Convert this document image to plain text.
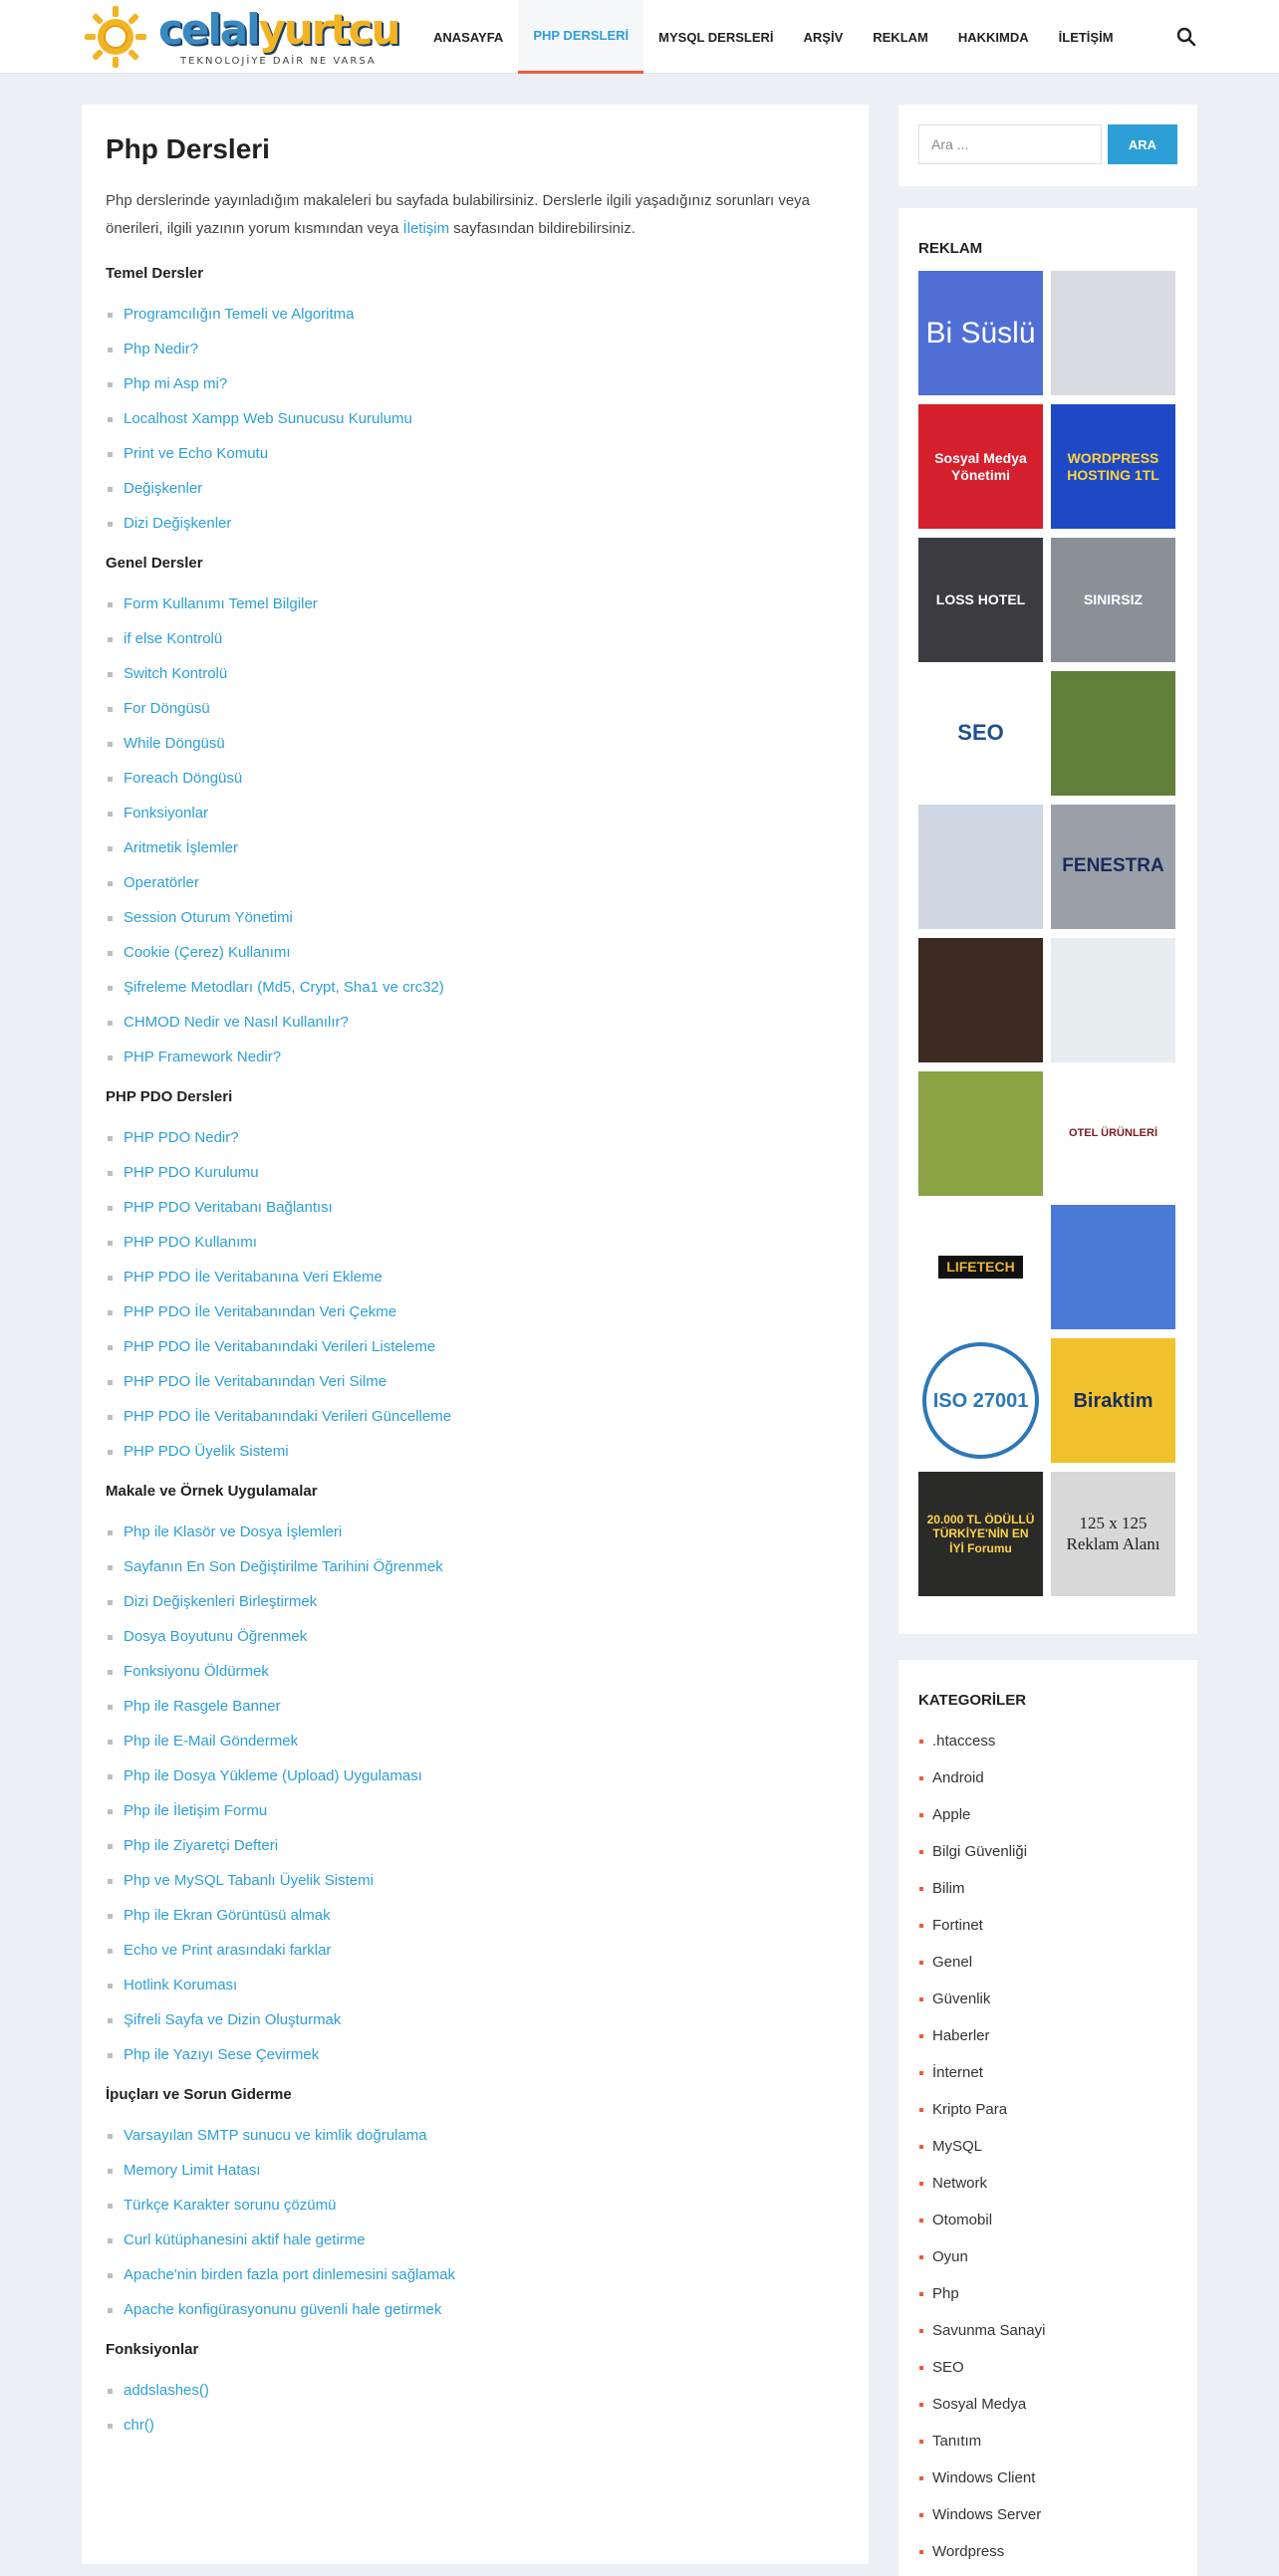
celalyurtcu
TEKNOLOJİYE DAİR NE VARSA
ANASAYFA	PHP DERSLERİ	MYSQL DERSLERİ	ARŞİV	REKLAM	HAKKIMDA	İLETİŞİM
Php Dersleri

Php derslerinde yayınladığım makaleleri bu sayfada bulabilirsiniz. Derslerle ilgili yaşadığınız sorunları veya önerileri, ilgili yazının yorum kısmından veya İletişim sayfasından bildirebilirsiniz.

Temel Dersler
Programcılığın Temeli ve Algoritma
Php Nedir?
Php mi Asp mi?
Localhost Xampp Web Sunucusu Kurulumu
Print ve Echo Komutu
Değişkenler
Dizi Değişkenler
Genel Dersler
Form Kullanımı Temel Bilgiler
if else Kontrolü
Switch Kontrolü
For Döngüsü
While Döngüsü
Foreach Döngüsü
Fonksiyonlar
Aritmetik İşlemler
Operatörler
Session Oturum Yönetimi
Cookie (Çerez) Kullanımı
Şifreleme Metodları (Md5, Crypt, Sha1 ve crc32)
CHMOD Nedir ve Nasıl Kullanılır?
PHP Framework Nedir?
PHP PDO Dersleri
PHP PDO Nedir?
PHP PDO Kurulumu
PHP PDO Veritabanı Bağlantısı
PHP PDO Kullanımı
PHP PDO İle Veritabanına Veri Ekleme
PHP PDO İle Veritabanından Veri Çekme
PHP PDO İle Veritabanındaki Verileri Listeleme
PHP PDO İle Veritabanından Veri Silme
PHP PDO İle Veritabanındaki Verileri Güncelleme
PHP PDO Üyelik Sistemi
Makale ve Örnek Uygulamalar
Php ile Klasör ve Dosya İşlemleri
Sayfanın En Son Değiştirilme Tarihini Öğrenmek
Dizi Değişkenleri Birleştirmek
Dosya Boyutunu Öğrenmek
Fonksiyonu Öldürmek
Php ile Rasgele Banner
Php ile E-Mail Göndermek
Php ile Dosya Yükleme (Upload) Uygulaması
Php ile İletişim Formu
Php ile Ziyaretçi Defteri
Php ve MySQL Tabanlı Üyelik Sistemi
Php ile Ekran Görüntüsü almak
Echo ve Print arasındaki farklar
Hotlink Koruması
Şifreli Sayfa ve Dizin Oluşturmak
Php ile Yazıyı Sese Çevirmek
İpuçları ve Sorun Giderme
Varsayılan SMTP sunucu ve kimlik doğrulama
Memory Limit Hatası
Türkçe Karakter sorunu çözümü
Curl kütüphanesini aktif hale getirme
Apache'nin birden fazla port dinlemesini sağlamak
Apache konfigürasyonunu güvenli hale getirmek
Fonksiyonlar
addslashes()
chr()
Ara ...	ARA
REKLAM
Bi Süslü
Sosyal Medya Yönetimi
WORDPRESS HOSTING 1TL
LOSS HOTEL	SINIRSIZ
SEO
FENESTRA
OTEL ÜRÜNLERİ
LIFETECH
ISO 27001	Biraktim
20.000 TL ÖDÜLLÜ TÜRKİYE'NİN EN İYİ Forumu
125 x 125 Reklam Alanı
KATEGORİLER
.htaccess
Android
Apple
Bilgi Güvenliği
Bilim
Fortinet
Genel
Güvenlik
Haberler
İnternet
Kripto Para
MySQL
Network
Otomobil
Oyun
Php
Savunma Sanayi
SEO
Sosyal Medya
Tanıtım
Windows Client
Windows Server
Wordpress
